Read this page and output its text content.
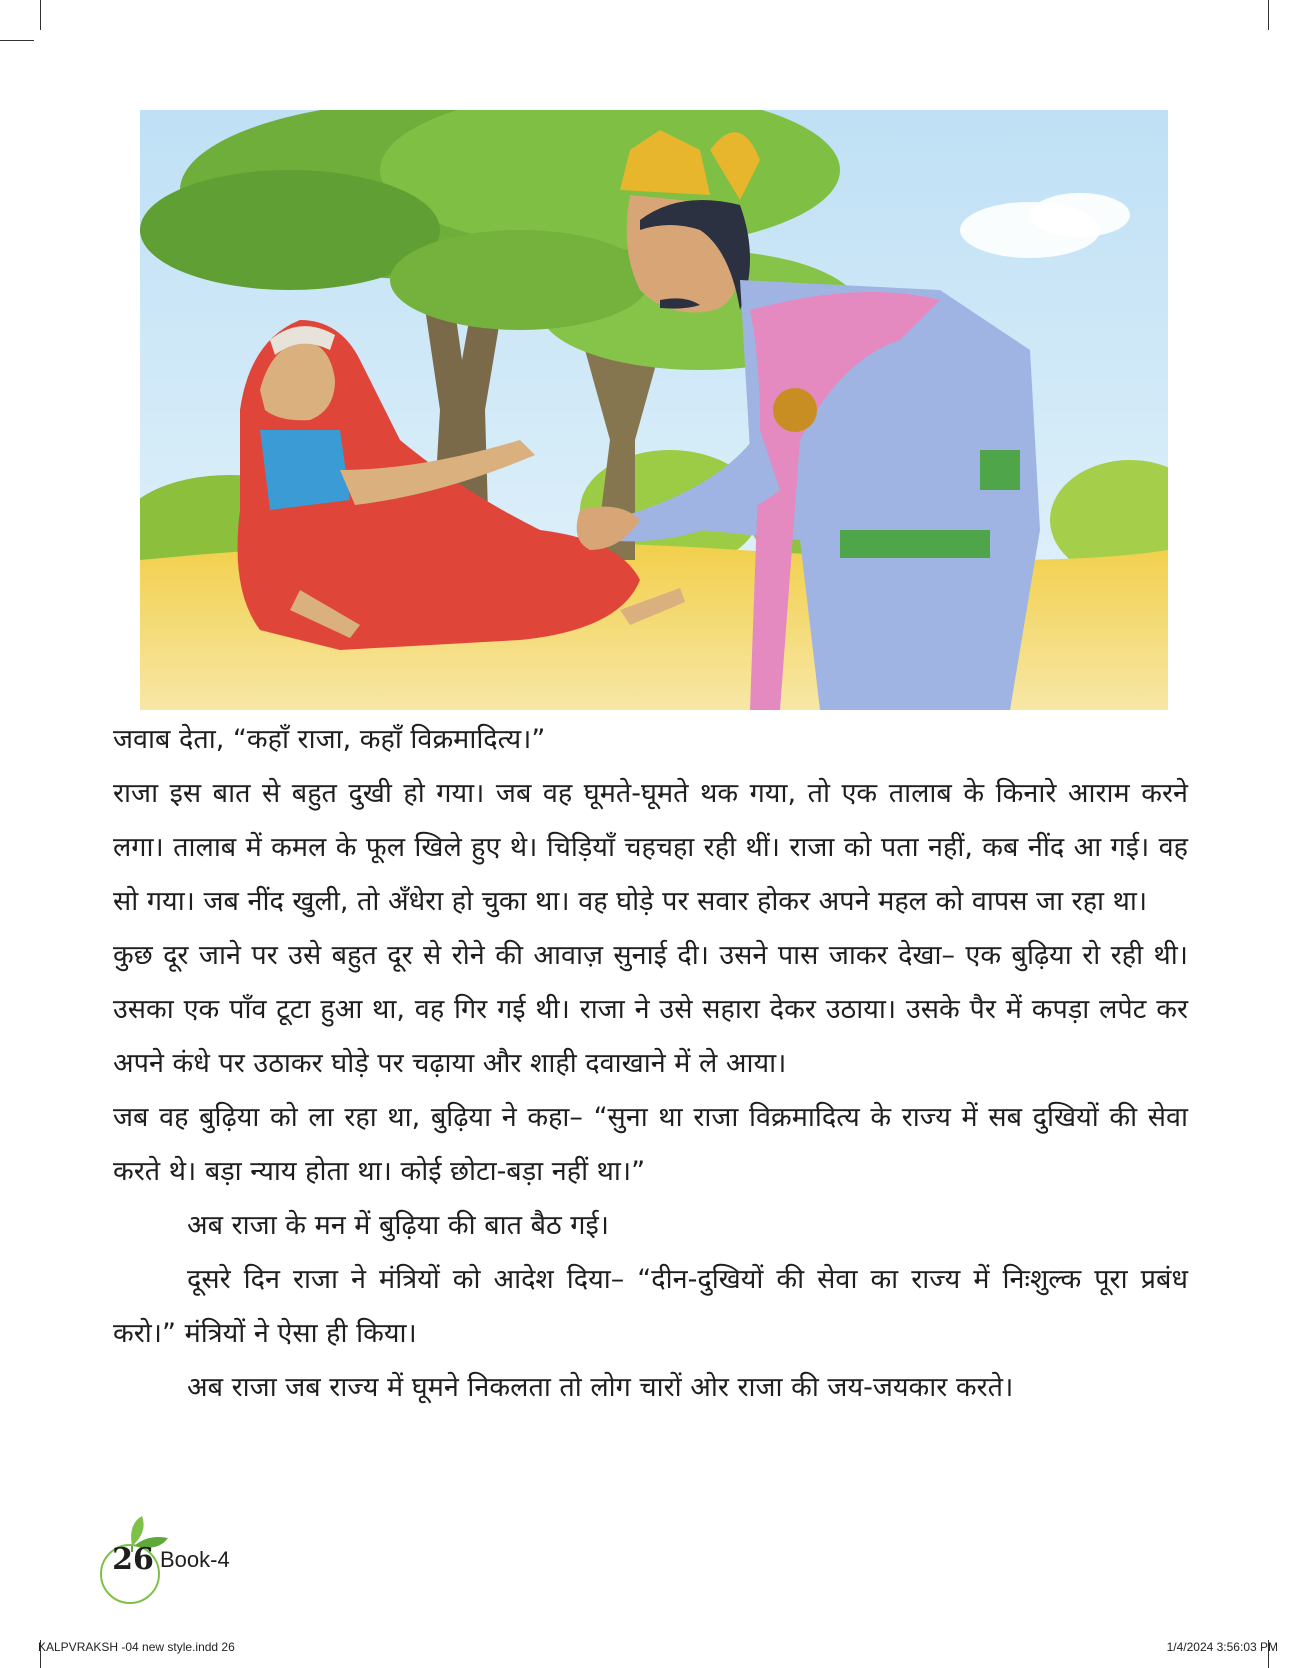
जवाब देता, “कहाँ राजा, कहाँ विक्रमादित्य।”

राजा इस बात से बहुत दुखी हो गया। जब वह घूमते-घूमते थक गया, तो एक तालाब के किनारे आराम करने लगा। तालाब में कमल के फूल खिले हुए थे। चिड़ियाँ चहचहा रही थीं। राजा को पता नहीं, कब नींद आ गई। वह सो गया। जब नींद खुली, तो अँधेरा हो चुका था। वह घोड़े पर सवार होकर अपने महल को वापस जा रहा था।

कुछ दूर जाने पर उसे बहुत दूर से रोने की आवाज़ सुनाई दी। उसने पास जाकर देखा– एक बुढ़िया रो रही थी। उसका एक पाँव टूटा हुआ था, वह गिर गई थी। राजा ने उसे सहारा देकर उठाया। उसके पैर में कपड़ा लपेट कर अपने कंधे पर उठाकर घोड़े पर चढ़ाया और शाही दवाखाने में ले आया।

जब वह बुढ़िया को ला रहा था, बुढ़िया ने कहा– “सुना था राजा विक्रमादित्य के राज्य में सब दुखियों की सेवा करते थे। बड़ा न्याय होता था। कोई छोटा-बड़ा नहीं था।”

अब राजा के मन में बुढ़िया की बात बैठ गई।

दूसरे दिन राजा ने मंत्रियों को आदेश दिया– “दीन-दुखियों की सेवा का राज्य में निःशुल्क पूरा प्रबंध करो।” मंत्रियों ने ऐसा ही किया।

अब राजा जब राज्य में घूमने निकलता तो लोग चारों ओर राजा की जय-जयकार करते।

26 Book-4
KALPVRAKSH -04 new style.indd 26	1/4/2024 3:56:03 PM
